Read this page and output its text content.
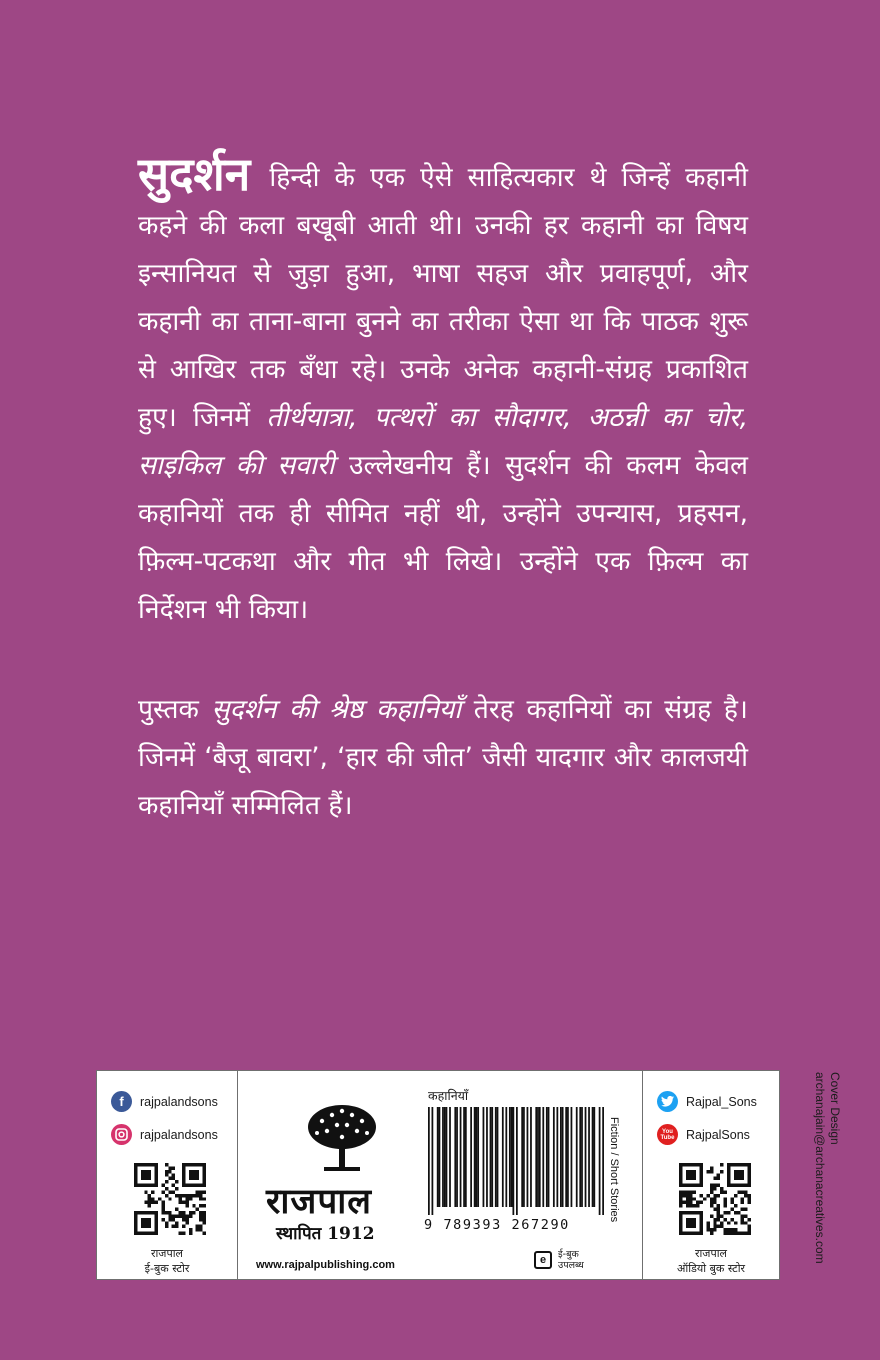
सुदर्शन हिन्दी के एक ऐसे साहित्यकार थे जिन्हें कहानी कहने की कला बखूबी आती थी। उनकी हर कहानी का विषय इन्सानियत से जुड़ा हुआ, भाषा सहज और प्रवाहपूर्ण, और कहानी का ताना-बाना बुनने का तरीका ऐसा था कि पाठक शुरू से आखिर तक बँधा रहे। उनके अनेक कहानी-संग्रह प्रकाशित हुए। जिनमें तीर्थयात्रा, पत्थरों का सौदागर, अठन्नी का चोर, साइकिल की सवारी उल्लेखनीय हैं। सुदर्शन की कलम केवल कहानियों तक ही सीमित नहीं थी, उन्होंने उपन्यास, प्रहसन, फ़िल्म-पटकथा और गीत भी लिखे। उन्होंने एक फ़िल्म का निर्देशन भी किया।
पुस्तक सुदर्शन की श्रेष्ठ कहानियाँ तेरह कहानियों का संग्रह है। जिनमें ‘बैजू बावरा’, ‘हार की जीत’ जैसी यादगार और कालजयी कहानियाँ सम्मिलित हैं।
Cover Design
archanajain@archanacreatives.com
f	rajpalandsons
rajpalandsons
राजपाल
ई-बुक स्टोर
राजपाल
स्थापित 1912
www.rajpalpublishing.com
कहानियाँ
9 789393 267290
Fiction / Short Stories
e	ई-बुक
उपलब्ध
Rajpal_Sons
You
Tube RajpalSons
राजपाल
ऑडियो बुक स्टोर
